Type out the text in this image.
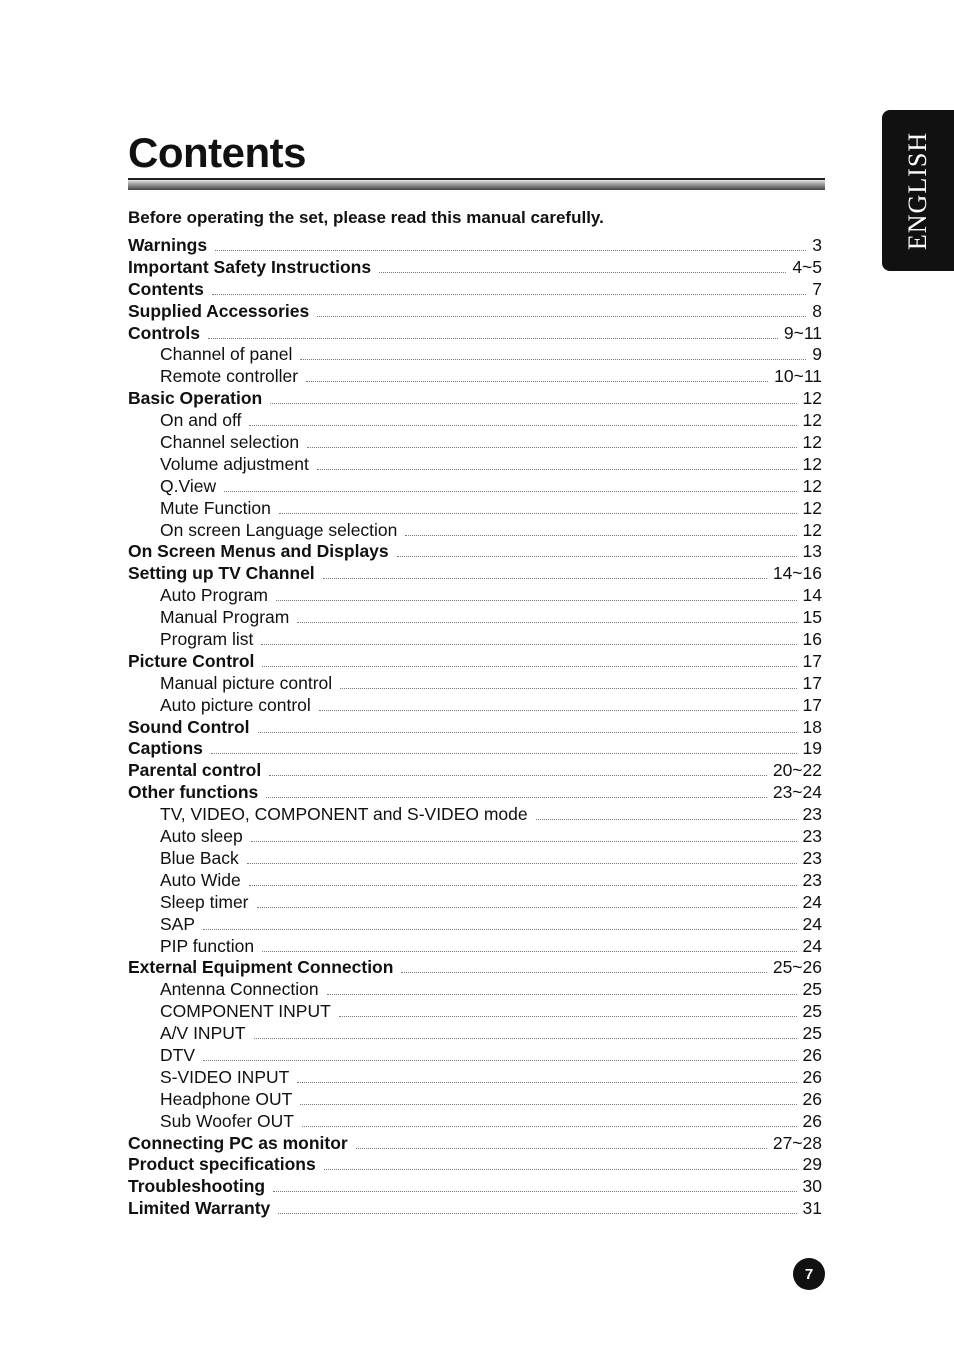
Contents	ENGLISH

Before operating the set, please read this manual carefully.

Warnings	3
Important Safety Instructions	4~5
Contents	7
Supplied Accessories	8
Controls	9~11
Channel of panel	9
Remote controller	10~11
Basic Operation	12
On and off	12
Channel selection	12
Volume adjustment	12
Q.View	12
Mute Function	12
On screen Language selection	12
On Screen Menus and Displays	13
Setting up TV Channel	14~16
Auto Program	14
Manual Program	15
Program list	16
Picture Control	17
Manual picture control	17
Auto picture control	17
Sound Control	18
Captions	19
Parental control	20~22
Other functions	23~24
TV, VIDEO, COMPONENT and S-VIDEO mode	23
Auto sleep	23
Blue Back	23
Auto Wide	23
Sleep timer	24
SAP	24
PIP function	24
External Equipment Connection	25~26
Antenna Connection	25
COMPONENT INPUT	25
A/V INPUT	25
DTV	26
S-VIDEO INPUT	26
Headphone OUT	26
Sub Woofer OUT	26
Connecting PC as monitor	27~28
Product specifications	29
Troubleshooting	30
Limited Warranty	31
7
